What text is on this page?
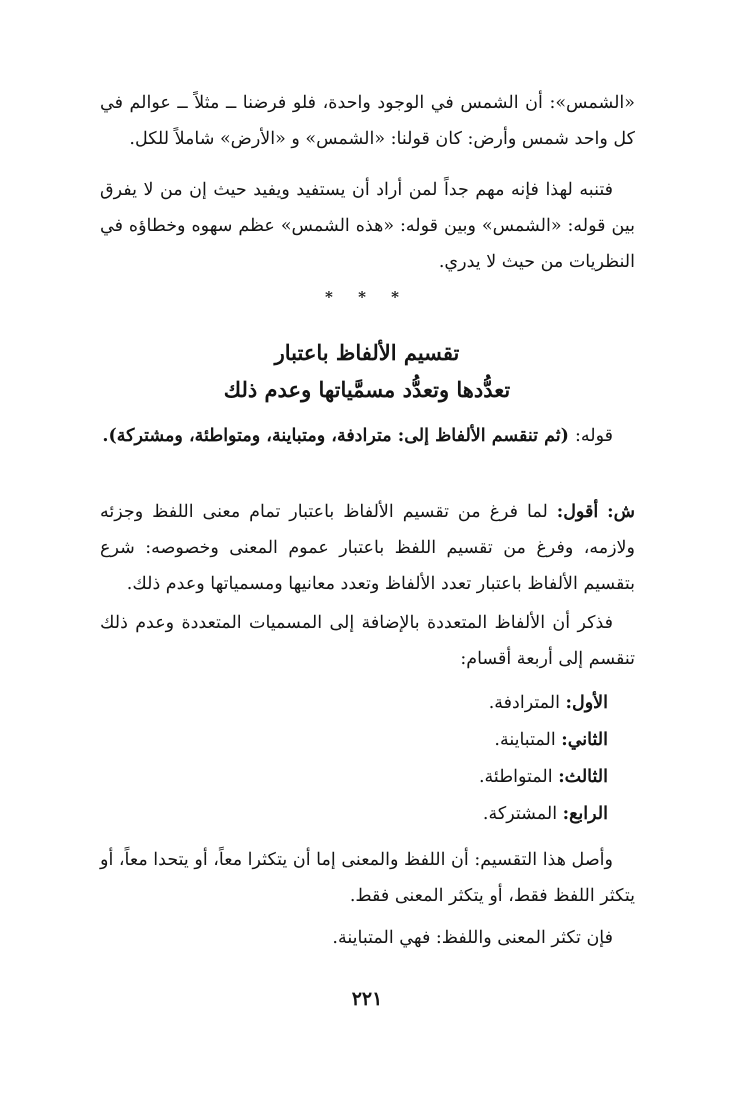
«الشمس»: أن الشمس في الوجود واحدة، فلو فرضنا ــ مثلاً ــ عوالم في

كل واحد شمس وأرض: كان قولنا: «الشمس» و «الأرض» شاملاً للكل.

فتنبه لهذا فإنه مهم جداً لمن أراد أن يستفيد ويفيد حيث إن من لا يفرق

بين قوله: «الشمس» وبين قوله: «هذه الشمس» عظم سهوه وخطاؤه في

النظريات من حيث لا يدري.

* * *
تقسيم الألفاظ باعتبار
تعدُّدها وتعدُّد مسمَّياتها وعدم ذلك

قوله: (ثم تنقسم الألفاظ إلى: مترادفة، ومتباينة، ومتواطئة، ومشتركة).

ش: أقول: لما فرغ من تقسيم الألفاظ باعتبار تمام معنى اللفظ وجزئه ولازمه، وفرغ من تقسيم اللفظ باعتبار عموم المعنى وخصوصه: شرع بتقسيم الألفاظ باعتبار تعدد الألفاظ وتعدد معانيها ومسمياتها وعدم ذلك.

فذكر أن الألفاظ المتعددة بالإضافة إلى المسميات المتعددة وعدم ذلك تنقسم إلى أربعة أقسام:

الأول: المترادفة.
الثاني: المتباينة.
الثالث: المتواطئة.
الرابع: المشتركة.

وأصل هذا التقسيم: أن اللفظ والمعنى إما أن يتكثرا معاً، أو يتحدا معاً، أو يتكثر اللفظ فقط، أو يتكثر المعنى فقط.

فإن تكثر المعنى واللفظ: فهي المتباينة.

٢٢١
